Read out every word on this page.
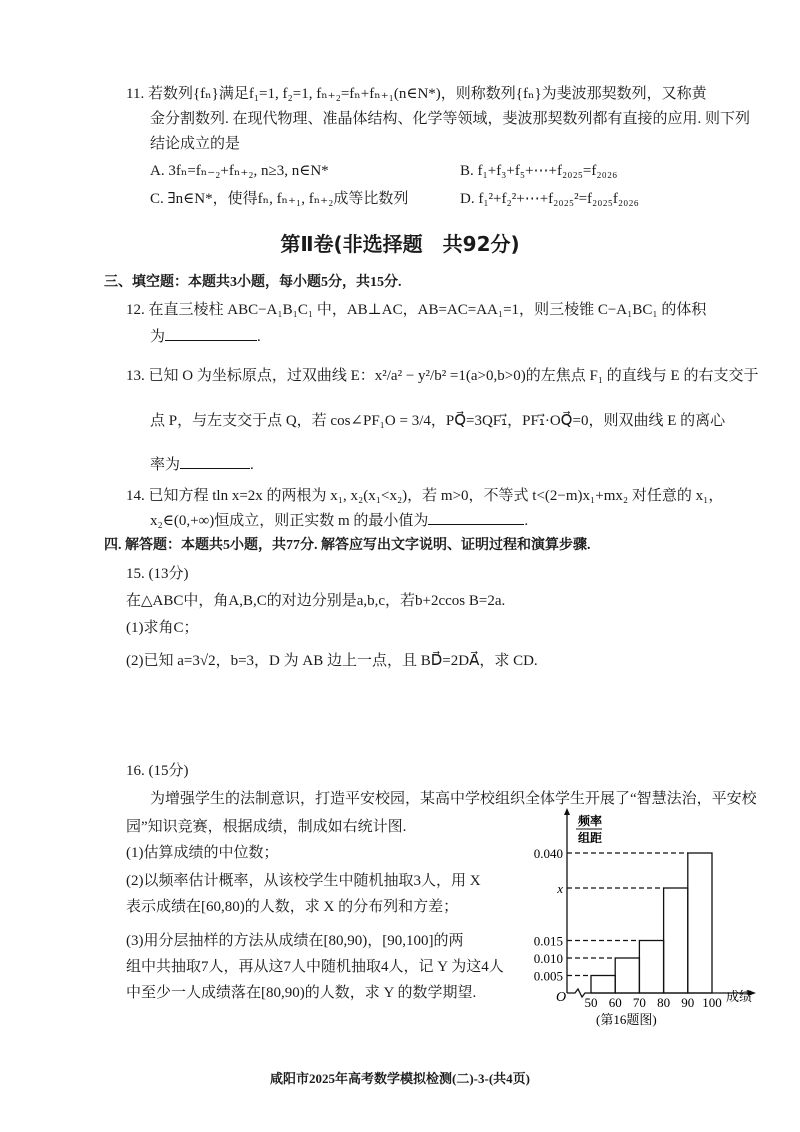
11. 若数列{fₙ}满足f₁=1, f₂=1, fₙ₊₂=fₙ+fₙ₊₁(n∈N*)，则称数列{fₙ}为斐波那契数列，又称黄
金分割数列. 在现代物理、准晶体结构、化学等领域，斐波那契数列都有直接的应用. 则下列
结论成立的是
A. 3fₙ=fₙ₋₂+fₙ₊₂, n≥3, n∈N*	B. f₁+f₃+f₅+⋯+f₂₀₂₅=f₂₀₂₆
C. ∃n∈N*，使得fₙ, fₙ₊₁, fₙ₊₂成等比数列	D. f₁²+f₂²+⋯+f₂₀₂₅²=f₂₀₂₅f₂₀₂₆
第Ⅱ卷(非选择题　共92分)
三、填空题：本题共3小题，每小题5分，共15分.
12. 在直三棱柱 ABC−A₁B₁C₁ 中，AB⊥AC，AB=AC=AA₁=1，则三棱锥 C−A₁BC₁ 的体积
为	.
13. 已知 O 为坐标原点，过双曲线 E：x²/a² − y²/b² =1(a>0,b>0)的左焦点 F₁ 的直线与 E 的右支交于
点 P，与左支交于点 Q，若 cos∠PF₁O = 3/4，PQ⃗=3QF₁⃗，PF₁⃗·OQ⃗=0，则双曲线 E 的离心
率为	.
14. 已知方程 tln x=2x 的两根为 x₁, x₂(x₁<x₂)，若 m>0，不等式 t<(2−m)x₁+mx₂ 对任意的 x₁，
x₂∈(0,+∞)恒成立，则正实数 m 的最小值为	.
四. 解答题：本题共5小题，共77分. 解答应写出文字说明、证明过程和演算步骤.
15. (13分)
在△ABC中，角A,B,C的对边分别是a,b,c，若b+2ccos B=2a.
(1)求角C；
(2)已知 a=3√2，b=3，D 为 AB 边上一点，且 BD⃗=2DA⃗，求 CD.
16. (15分)
为增强学生的法制意识，打造平安校园，某高中学校组织全体学生开展了“智慧法治，平安校
园”知识竞赛，根据成绩，制成如右统计图.
(1)估算成绩的中位数；
(2)以频率估计概率，从该校学生中随机抽取3人，用 X
表示成绩在[60,80)的人数，求 X 的分布列和方差；
(3)用分层抽样的方法从成绩在[80,90)，[90,100]的两
组中共抽取7人，再从这7人中随机抽取4人，记 Y 为这4人
中至少一人成绩落在[80,90)的人数，求 Y 的数学期望.
0.005
0.010
0.015
x
0.040
50 60 70 80 90 100
频率
组距
成绩
O
(第16题图)
咸阳市2025年高考数学模拟检测(二)-3-(共4页)
